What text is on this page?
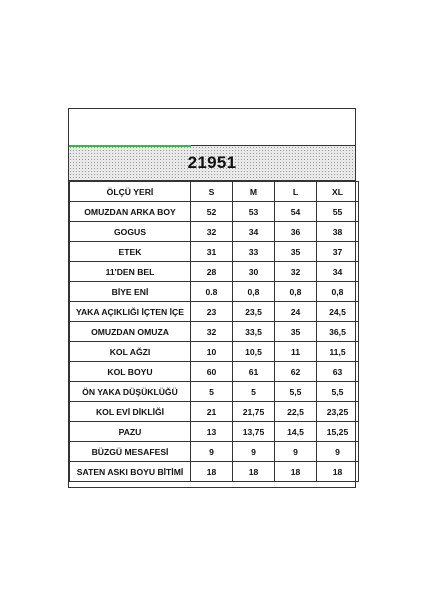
21951
ÖLÇÜ YERİ	S	M	L	XL
OMUZDAN ARKA BOY	52	53	54	55
GOGUS	32	34	36	38
ETEK	31	33	35	37
11'DEN BEL	28	30	32	34
BİYE ENİ	0.8	0,8	0,8	0,8
YAKA AÇIKLIĞI İÇTEN İÇE	23	23,5	24	24,5
OMUZDAN OMUZA	32	33,5	35	36,5
KOL AĞZI	10	10,5	11	11,5
KOL BOYU	60	61	62	63
ÖN YAKA DÜŞÜKLÜĞÜ	5	5	5,5	5,5
KOL EVİ DİKLİĞİ	21	21,75	22,5	23,25
PAZU	13	13,75	14,5	15,25
BÜZGÜ MESAFESİ	9	9	9	9
SATEN ASKI BOYU BİTİMİ	18	18	18	18
